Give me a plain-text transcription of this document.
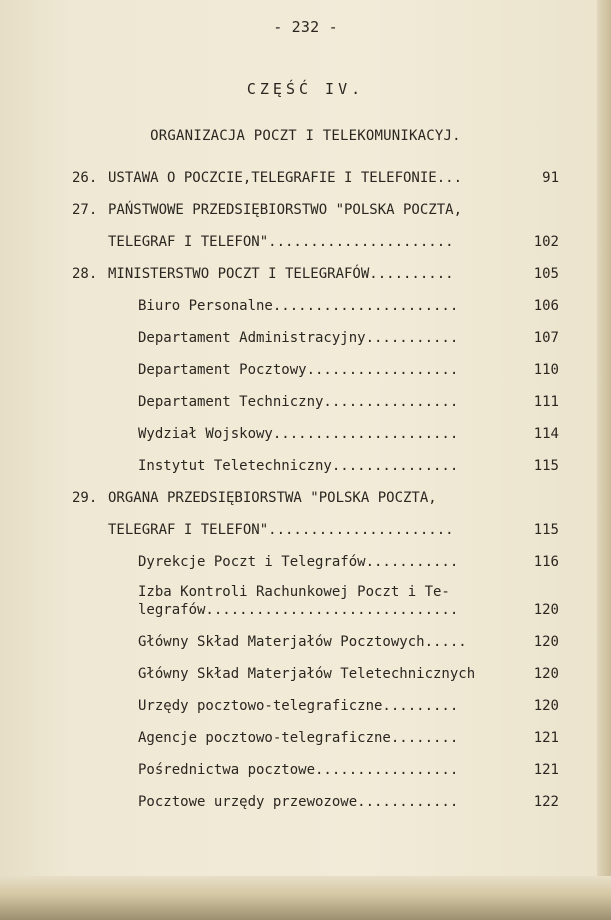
- 232 -
CZĘŚĆ IV.
ORGANIZACJA POCZT I TELEKOMUNIKACYJ.
26. USTAWA O POCZCIE,TELEGRAFIE I TELEFONIE...	91
27. PAŃSTWOWE PRZEDSIĘBIORSTWO "POLSKA POCZTA,
TELEGRAF I TELEFON"......................	102
28. MINISTERSTWO POCZT I TELEGRAFÓW..........	105
Biuro Personalne......................	106
Departament Administracyjny...........	107
Departament Pocztowy..................	110
Departament Techniczny................	111
Wydział Wojskowy......................	114
Instytut Teletechniczny...............	115
29. ORGANA PRZEDSIĘBIORSTWA "POLSKA POCZTA,
TELEGRAF I TELEFON"......................	115
Dyrekcje Poczt i Telegrafów...........	116
Izba Kontroli Rachunkowej Poczt i Te-
legrafów..............................	120
Główny Skład Materjałów Pocztowych.....	120
Główny Skład Materjałów Teletechnicznych	120
Urzędy pocztowo-telegraficzne.........	120
Agencje pocztowo-telegraficzne........	121
Pośrednictwa pocztowe.................	121
Pocztowe urzędy przewozowe............	122
